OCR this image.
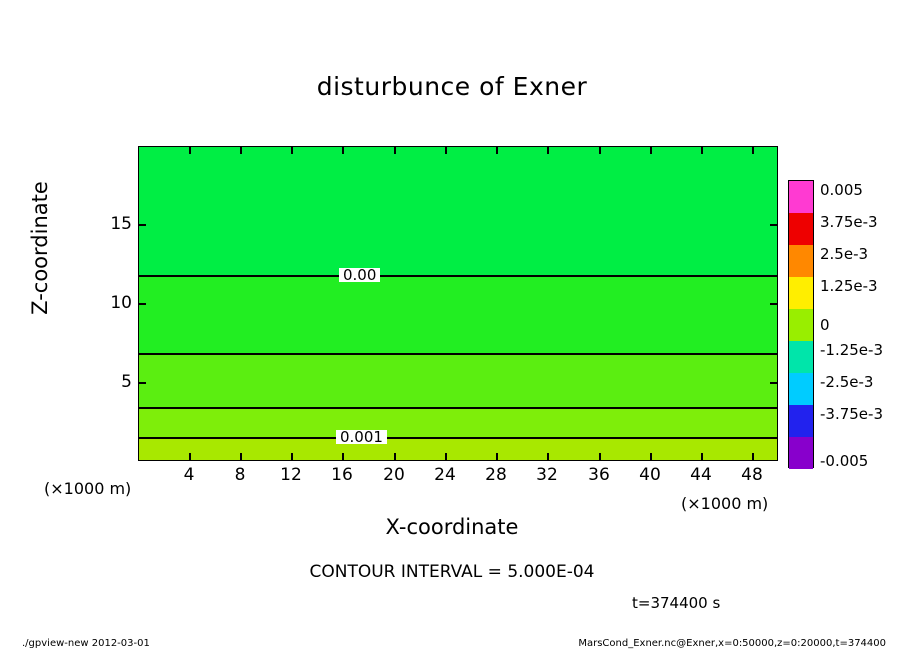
disturbunce of Exner
0.00
0.001
4	8	12	16	20	24	28	32	36	40	44	48
15
10
5
X-coordinate
Z-coordinate
(×1000 m)
(×1000 m)
0.005
3.75e-3
2.5e-3
1.25e-3
0
-1.25e-3
-2.5e-3
-3.75e-3
-0.005
CONTOUR INTERVAL = 5.000E-04
t=374400 s
./gpview-new 2012-03-01	MarsCond_Exner.nc@Exner,x=0:50000,z=0:20000,t=374400
